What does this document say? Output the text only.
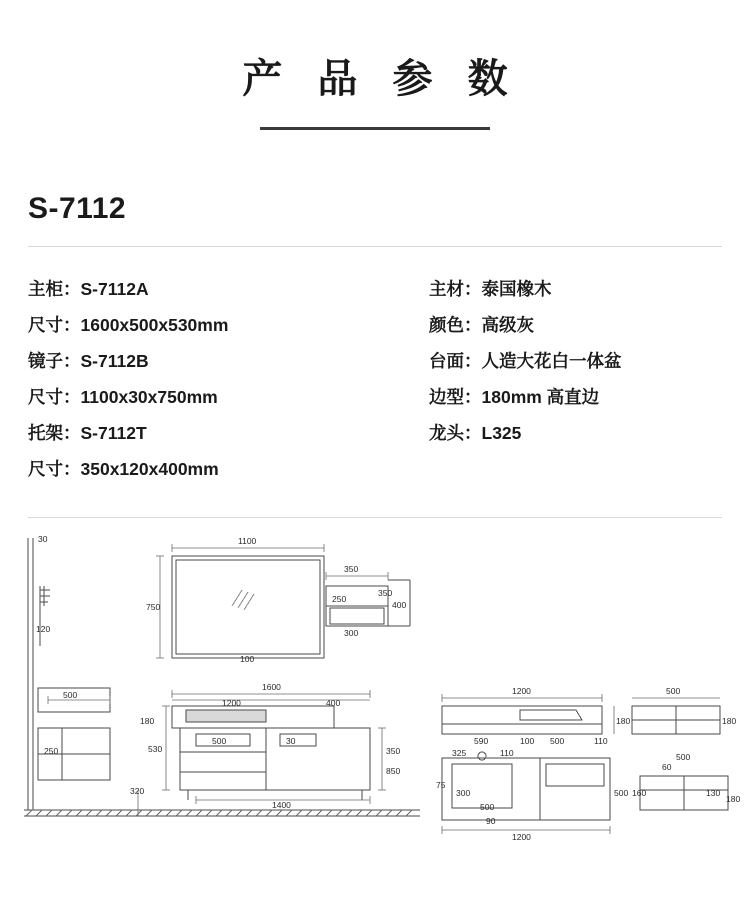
产 品 参 数
S-7112
主柜：S-7112A
尺寸：1600x500x530mm
镜子：S-7112B
尺寸：1100x30x750mm
托架：S-7112T
尺寸：350x120x400mm
主材：泰国橡木
颜色：高级灰
台面：人造大花白一体盆
边型：180mm 高直边
龙头：L325
30
120
500
250
320
1100
750
350
250
300
350
400
100
1600
1200	400
180
530
500	30
350
850
1400
1200	500
180	180
590	100 500	110
325	110
75
300
500
90
1200
500
60
500
160	130
180
